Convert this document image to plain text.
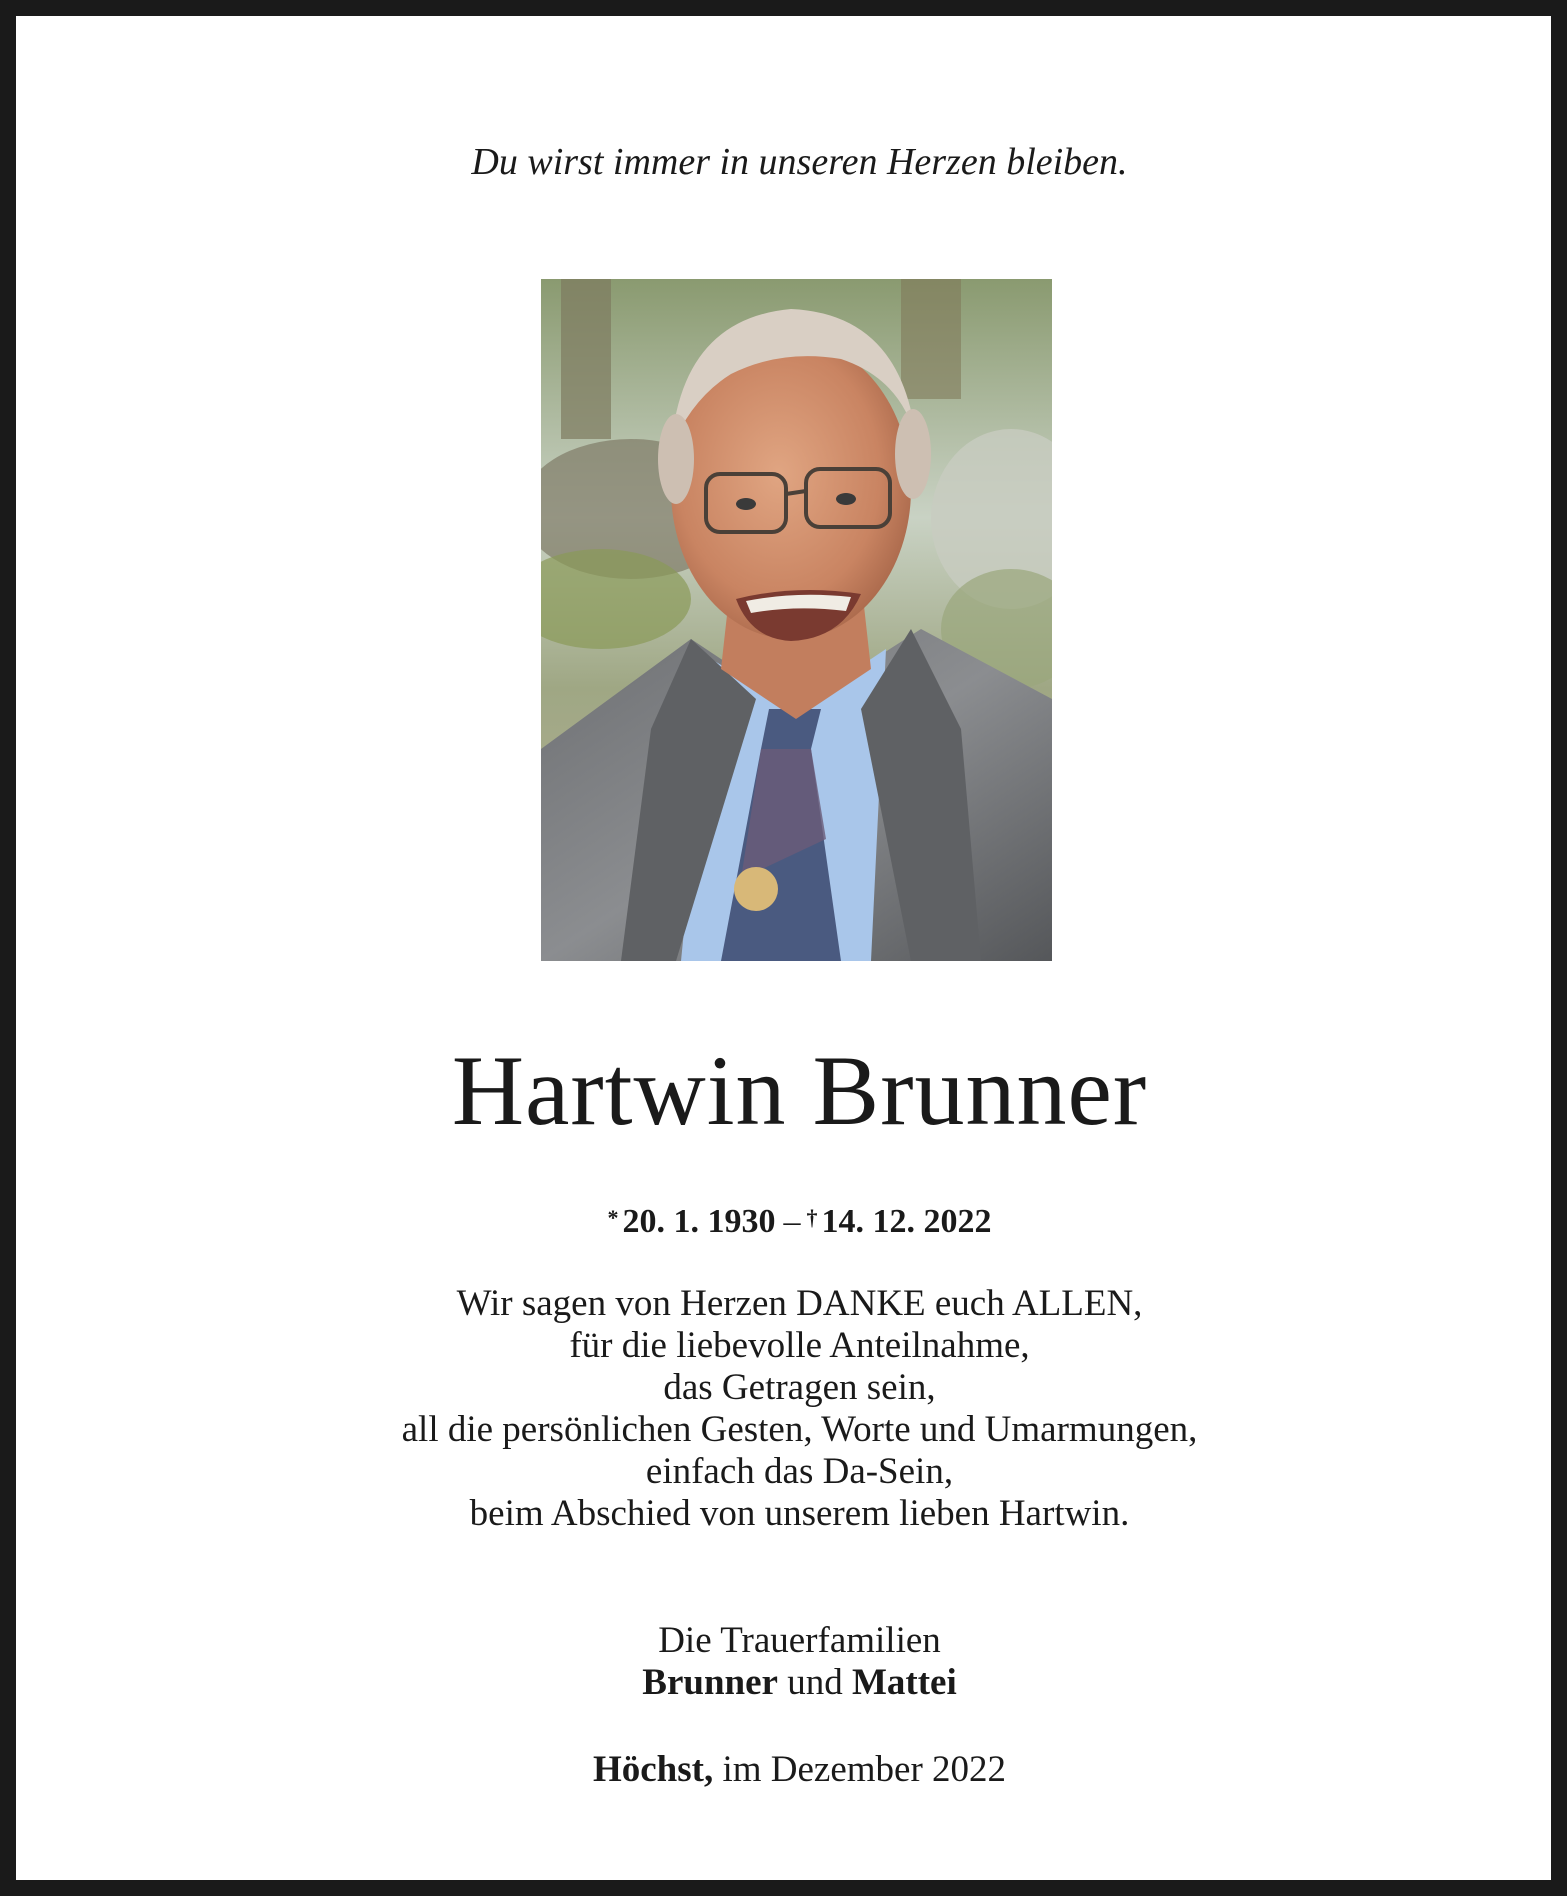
Du wirst immer in unseren Herzen bleiben.
Hartwin Brunner
* 20. 1. 1930 – † 14. 12. 2022
Wir sagen von Herzen DANKE euch ALLEN,
für die liebevolle Anteilnahme,
das Getragen sein,
all die persönlichen Gesten, Worte und Umarmungen,
einfach das Da-Sein,
beim Abschied von unserem lieben Hartwin.
Die Trauerfamilien
Brunner und Mattei
Höchst, im Dezember 2022
